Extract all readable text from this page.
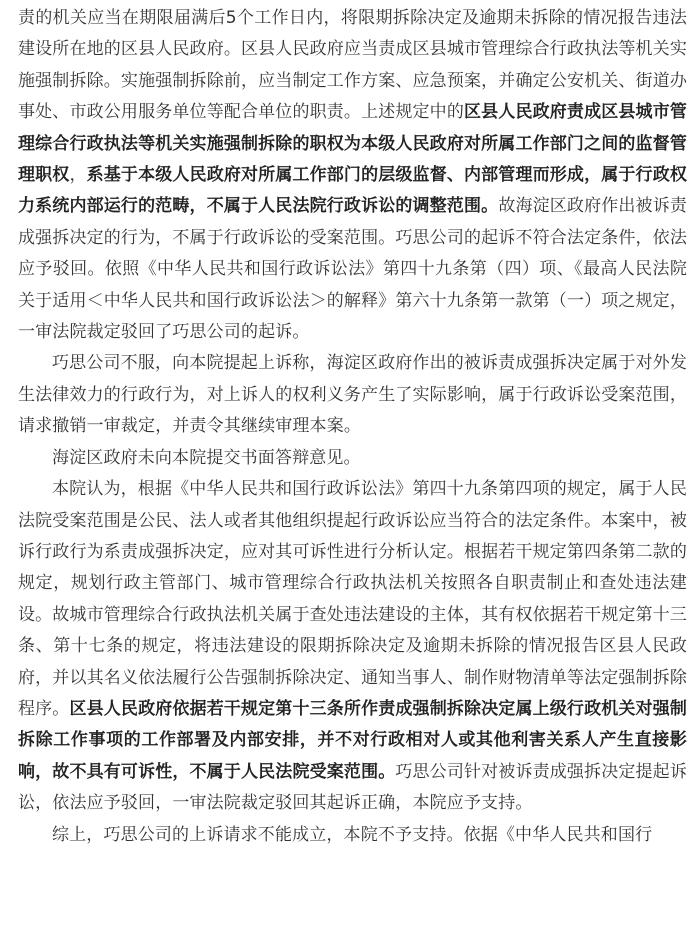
责的机关应当在期限届满后5个工作日内，将限期拆除决定及逾期未拆除的情况报告违法建设所在地的区县人民政府。区县人民政府应当责成区县城市管理综合行政执法等机关实施强制拆除。实施强制拆除前，应当制定工作方案、应急预案，并确定公安机关、街道办事处、市政公用服务单位等配合单位的职责。上述规定中的区县人民政府责成区县城市管理综合行政执法等机关实施强制拆除的职权为本级人民政府对所属工作部门之间的监督管理职权，系基于本级人民政府对所属工作部门的层级监督、内部管理而形成，属于行政权力系统内部运行的范畴，不属于人民法院行政诉讼的调整范围。故海淀区政府作出被诉责成强拆决定的行为，不属于行政诉讼的受案范围。巧思公司的起诉不符合法定条件，依法应予驳回。依照《中华人民共和国行政诉讼法》第四十九条第（四）项、《最高人民法院关于适用＜中华人民共和国行政诉讼法＞的解释》第六十九条第一款第（一）项之规定，一审法院裁定驳回了巧思公司的起诉。

巧思公司不服，向本院提起上诉称，海淀区政府作出的被诉责成强拆决定属于对外发生法律效力的行政行为，对上诉人的权利义务产生了实际影响，属于行政诉讼受案范围，请求撤销一审裁定，并责令其继续审理本案。

海淀区政府未向本院提交书面答辩意见。

本院认为，根据《中华人民共和国行政诉讼法》第四十九条第四项的规定，属于人民法院受案范围是公民、法人或者其他组织提起行政诉讼应当符合的法定条件。本案中，被诉行政行为系责成强拆决定，应对其可诉性进行分析认定。根据若干规定第四条第二款的规定，规划行政主管部门、城市管理综合行政执法机关按照各自职责制止和查处违法建设。故城市管理综合行政执法机关属于查处违法建设的主体，其有权依据若干规定第十三条、第十七条的规定，将违法建设的限期拆除决定及逾期未拆除的情况报告区县人民政府，并以其名义依法履行公告强制拆除决定、通知当事人、制作财物清单等法定强制拆除程序。区县人民政府依据若干规定第十三条所作责成强制拆除决定属上级行政机关对强制拆除工作事项的工作部署及内部安排，并不对行政相对人或其他利害关系人产生直接影响，故不具有可诉性，不属于人民法院受案范围。巧思公司针对被诉责成强拆决定提起诉讼，依法应予驳回，一审法院裁定驳回其起诉正确，本院应予支持。

综上，巧思公司的上诉请求不能成立，本院不予支持。依据《中华人民共和国行
